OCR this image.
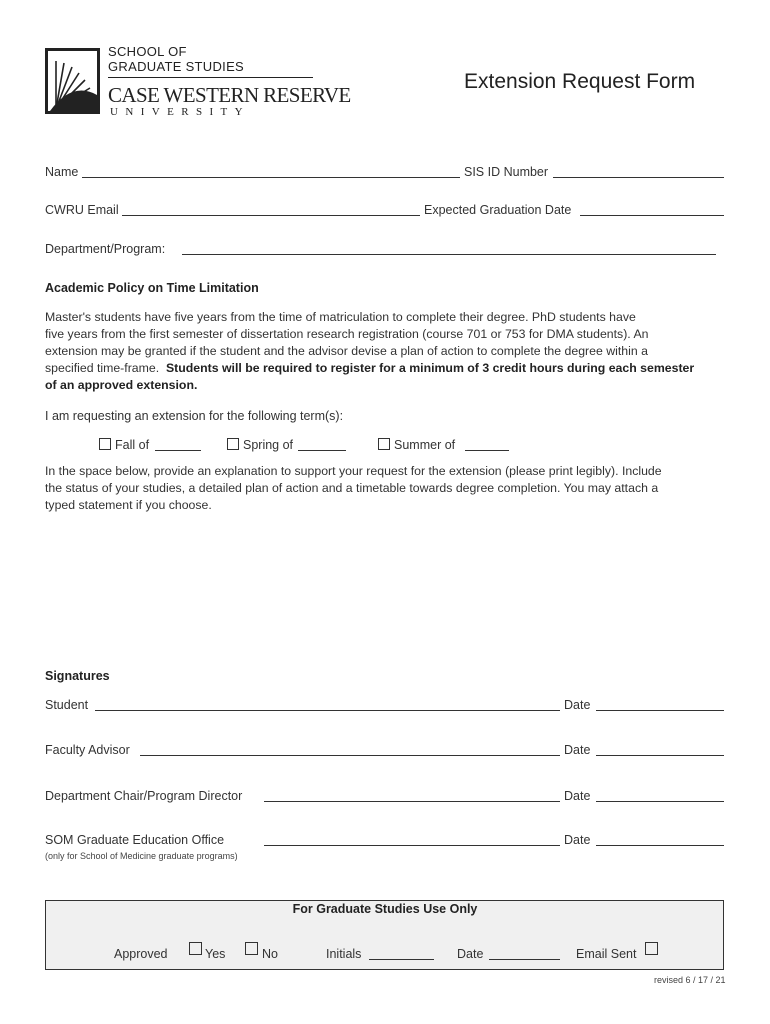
SCHOOL OF
GRADUATE STUDIES
CASE WESTERN RESERVE
UNIVERSITY
Extension Request Form
Name	SIS ID Number
CWRU Email	Expected Graduation Date
Department/Program:
Academic Policy on Time Limitation
Master's students have five years from the time of matriculation to complete their degree. PhD students have
five years from the first semester of dissertation research registration (course 701 or 753 for DMA students). An
extension may be granted if the student and the advisor devise a plan of action to complete the degree within a
specified time-frame. Students will be required to register for a minimum of 3 credit hours during each semester
of an approved extension.
I am requesting an extension for the following term(s):
Fall of	Spring of	Summer of
In the space below, provide an explanation to support your request for the extension (please print legibly). Include
the status of your studies, a detailed plan of action and a timetable towards degree completion. You may attach a
typed statement if you choose.
Signatures
Student	Date
Faculty Advisor	Date
Department Chair/Program Director	Date
SOM Graduate Education Office	Date
(only for School of Medicine graduate programs)
For Graduate Studies Use Only
Approved	Yes	No	Initials	Date	Email Sent
revised 6 / 17 / 21
